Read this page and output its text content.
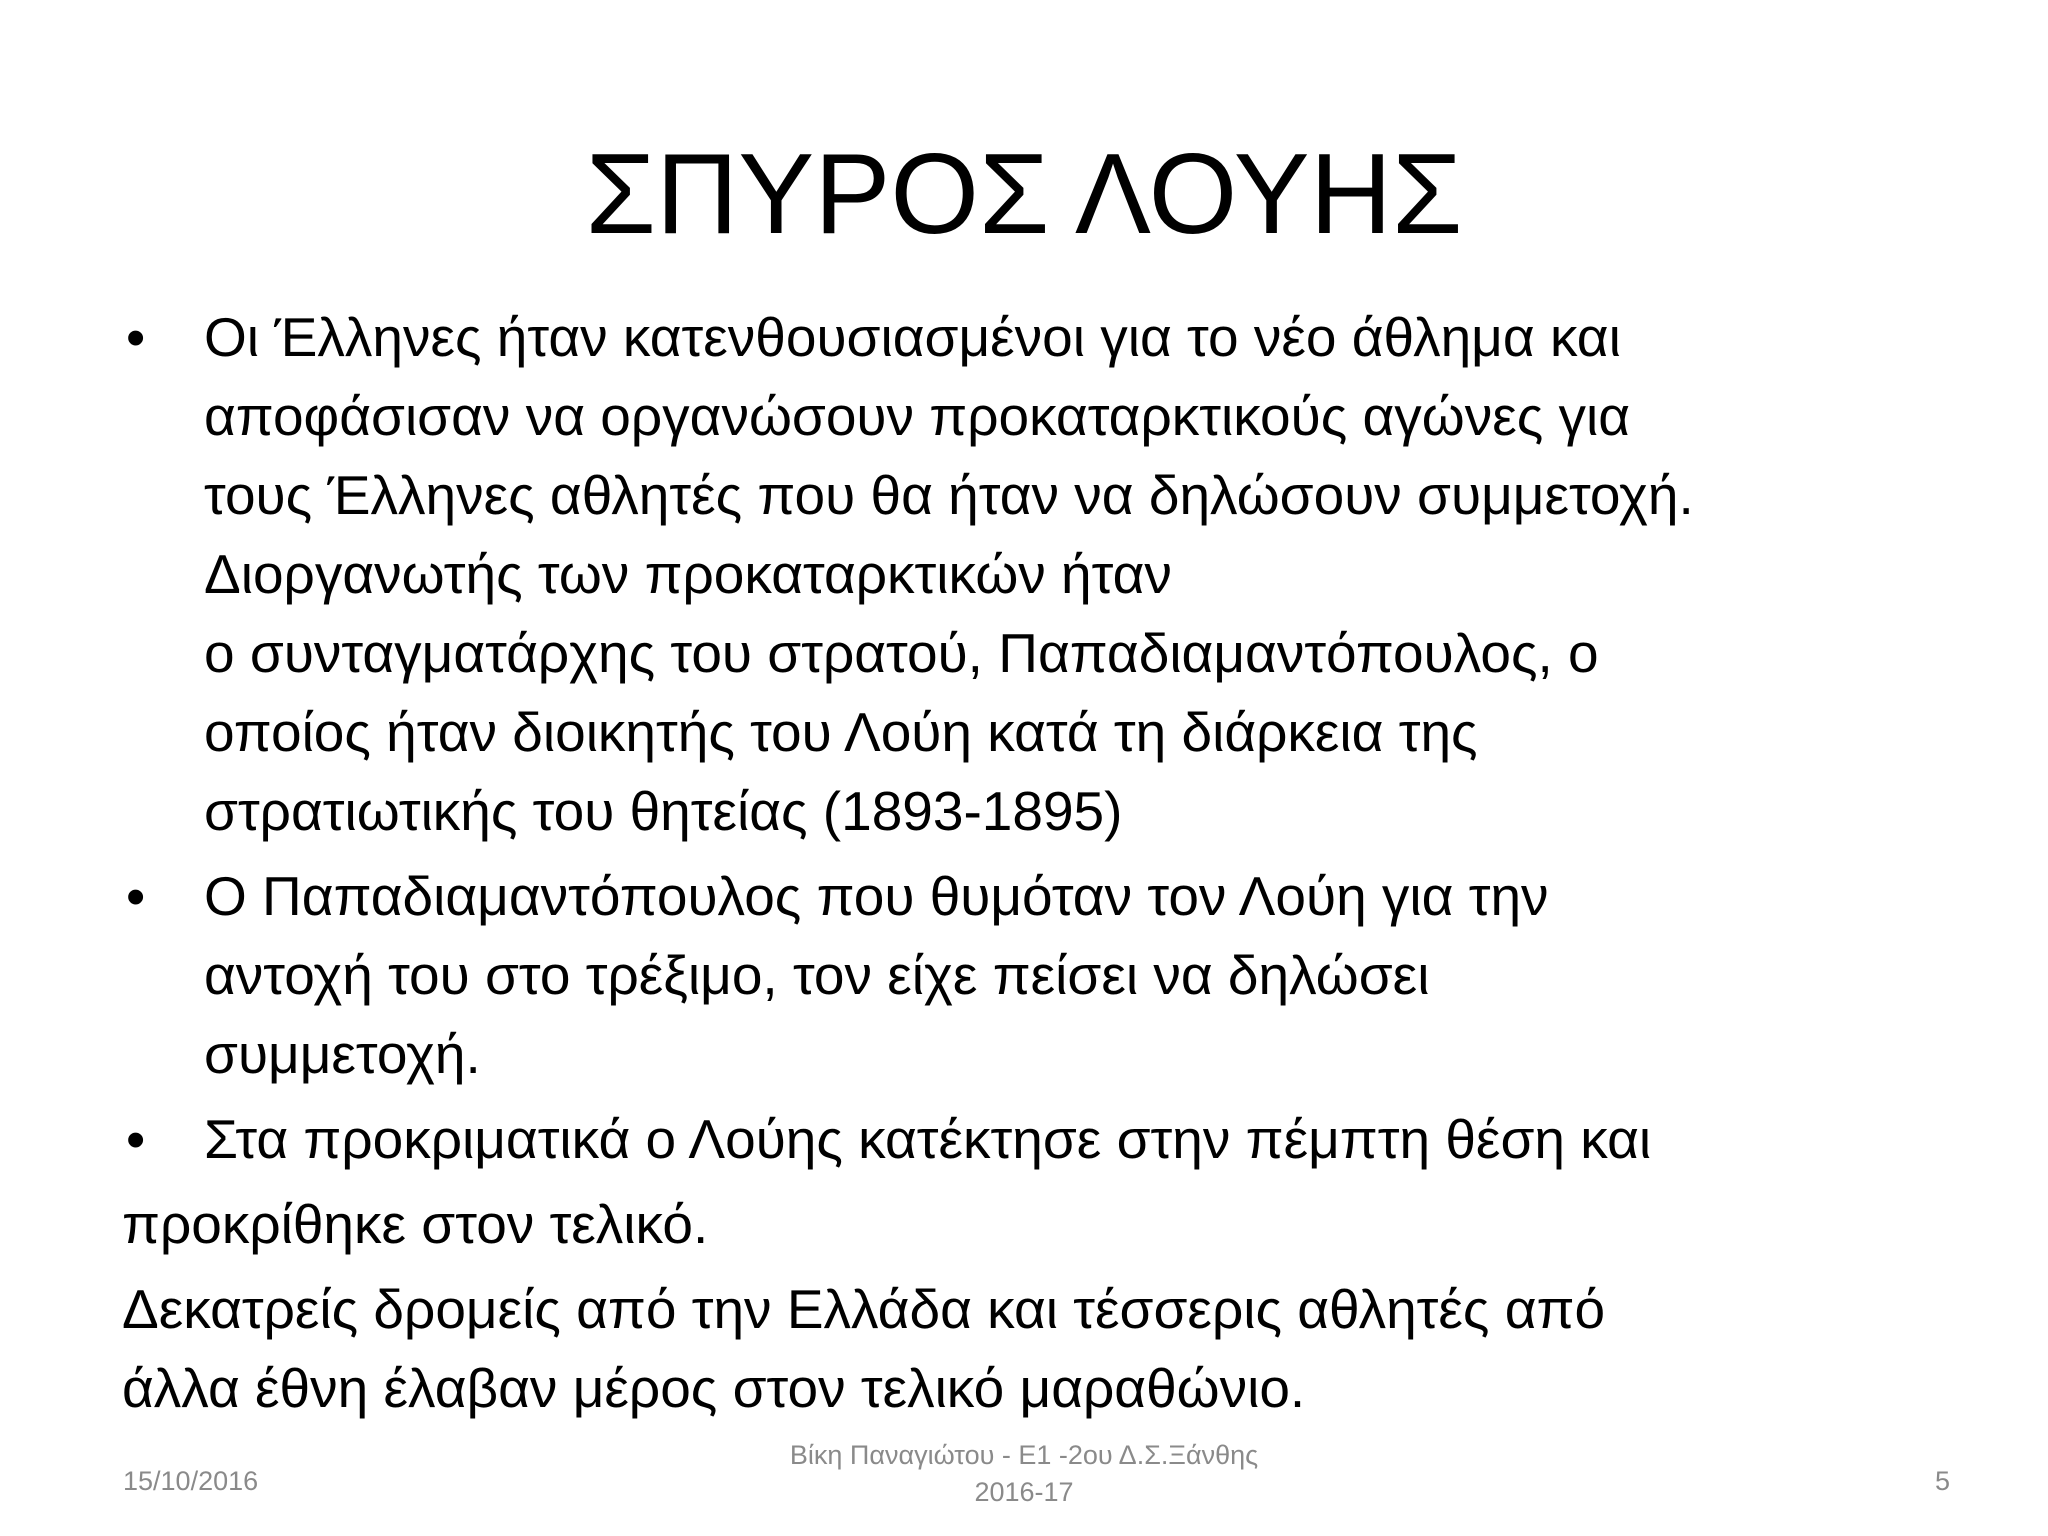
ΣΠΥΡΟΣ ΛΟΥΗΣ
• Οι Έλληνες ήταν κατενθουσιασμένοι για το νέο άθλημα και
αποφάσισαν να οργανώσουν προκαταρκτικούς αγώνες για
τους Έλληνες αθλητές που θα ήταν να δηλώσουν συμμετοχή.
Διοργανωτής των προκαταρκτικών ήταν
ο συνταγματάρχης του στρατού, Παπαδιαμαντόπουλος, ο
οποίος ήταν διοικητής του Λούη κατά τη διάρκεια της
στρατιωτικής του θητείας (1893-1895)
• Ο Παπαδιαμαντόπουλος που θυμόταν τον Λούη για την
αντοχή του στο τρέξιμο, τον είχε πείσει να δηλώσει
συμμετοχή.
• Στα προκριματικά ο Λούης κατέκτησε στην πέμπτη θέση και
προκρίθηκε στον τελικό.
Δεκατρείς δρομείς από την Ελλάδα και τέσσερις αθλητές από
άλλα έθνη έλαβαν μέρος στον τελικό μαραθώνιο.
15/10/2016
Βίκη Παναγιώτου - Ε1 -2ου Δ.Σ.Ξάνθης
2016-17	5
